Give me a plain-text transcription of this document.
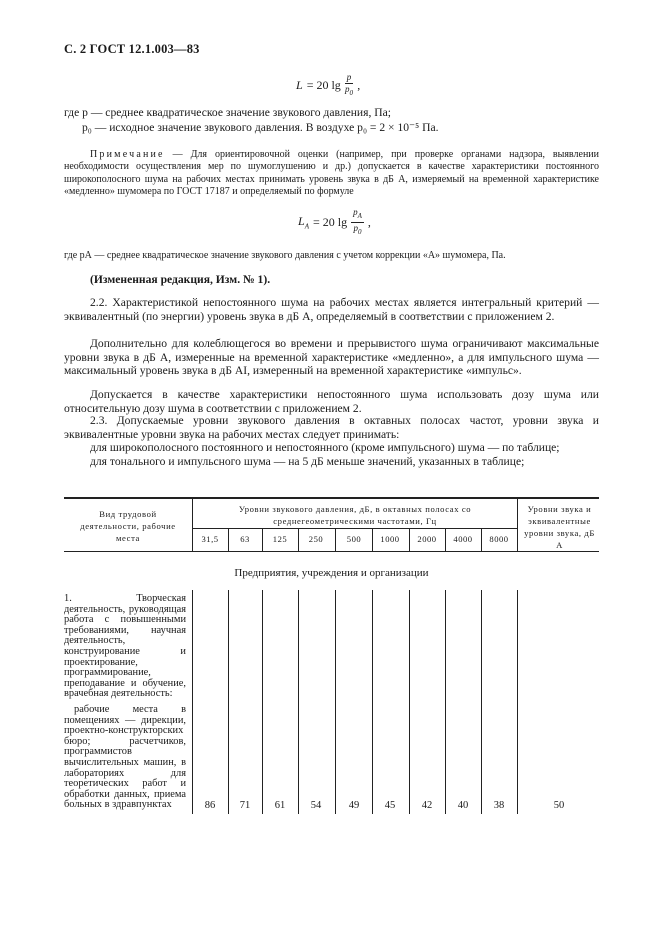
С. 2 ГОСТ 12.1.003—83
L = 20 $\lg \frac{p}{p_0}$ ,
где p — среднее квадратическое значение звукового давления, Па;
p₀ — исходное значение звукового давления. В воздухе p₀ = 2 × 10⁻⁵ Па.
Примечание — Для ориентировочной оценки (например, при проверке органами надзора, выявлении необходимости осуществления мер по шумоглушению и др.) допускается в качестве характеристики постоянного широкополосного шума на рабочих местах принимать уровень звука в дБ А, измеряемый на временной характеристике «медленно» шумомера по ГОСТ 17187 и определяемый по формуле
$L_A = 20$ $\lg \frac{p_A}{p_0}$ ,
где pА — среднее квадратическое значение звукового давления с учетом коррекции «А» шумомера, Па.
(Измененная редакция, Изм. № 1).
2.2. Характеристикой непостоянного шума на рабочих местах является интегральный критерий — эквивалентный (по энергии) уровень звука в дБ А, определяемый в соответствии с приложением 2.
Дополнительно для колеблющегося во времени и прерывистого шума ограничивают максимальные уровни звука в дБ А, измеренные на временной характеристике «медленно», а для импульсного шума — максимальный уровень звука в дБ AI, измеренный на временной характеристике «импульс».
Допускается в качестве характеристики непостоянного шума использовать дозу шума или относительную дозу шума в соответствии с приложением 2.
2.3. Допускаемые уровни звукового давления в октавных полосах частот, уровни звука и эквивалентные уровни звука на рабочих местах следует принимать:
для широкополосного постоянного и непостоянного (кроме импульсного) шума — по таблице;
для тонального и импульсного шума — на 5 дБ меньше значений, указанных в таблице;
Вид трудовой деятельности, рабочие места
Уровни звукового давления, дБ, в октавных полосах со среднегеометрическими частотами, Гц
Уровни звука и эквивалентные уровни звука, дБ А
31,5	63	125	250	500	1000	2000	4000	8000
Предприятия, учреждения и организации
1. Творческая деятельность, руководящая работа с повышенными требованиями, научная деятельность, конструирование и проектирование, программирование, преподавание и обучение, врачебная деятельность:
рабочие места в помещениях — дирекции, проектно-конструкторских бюро; расчетчиков, программистов вычислительных машин, в лабораториях для теоретических работ и обработки данных, приема больных в здравпунктах	86	71	61	54	49	45	42	40	38	50
